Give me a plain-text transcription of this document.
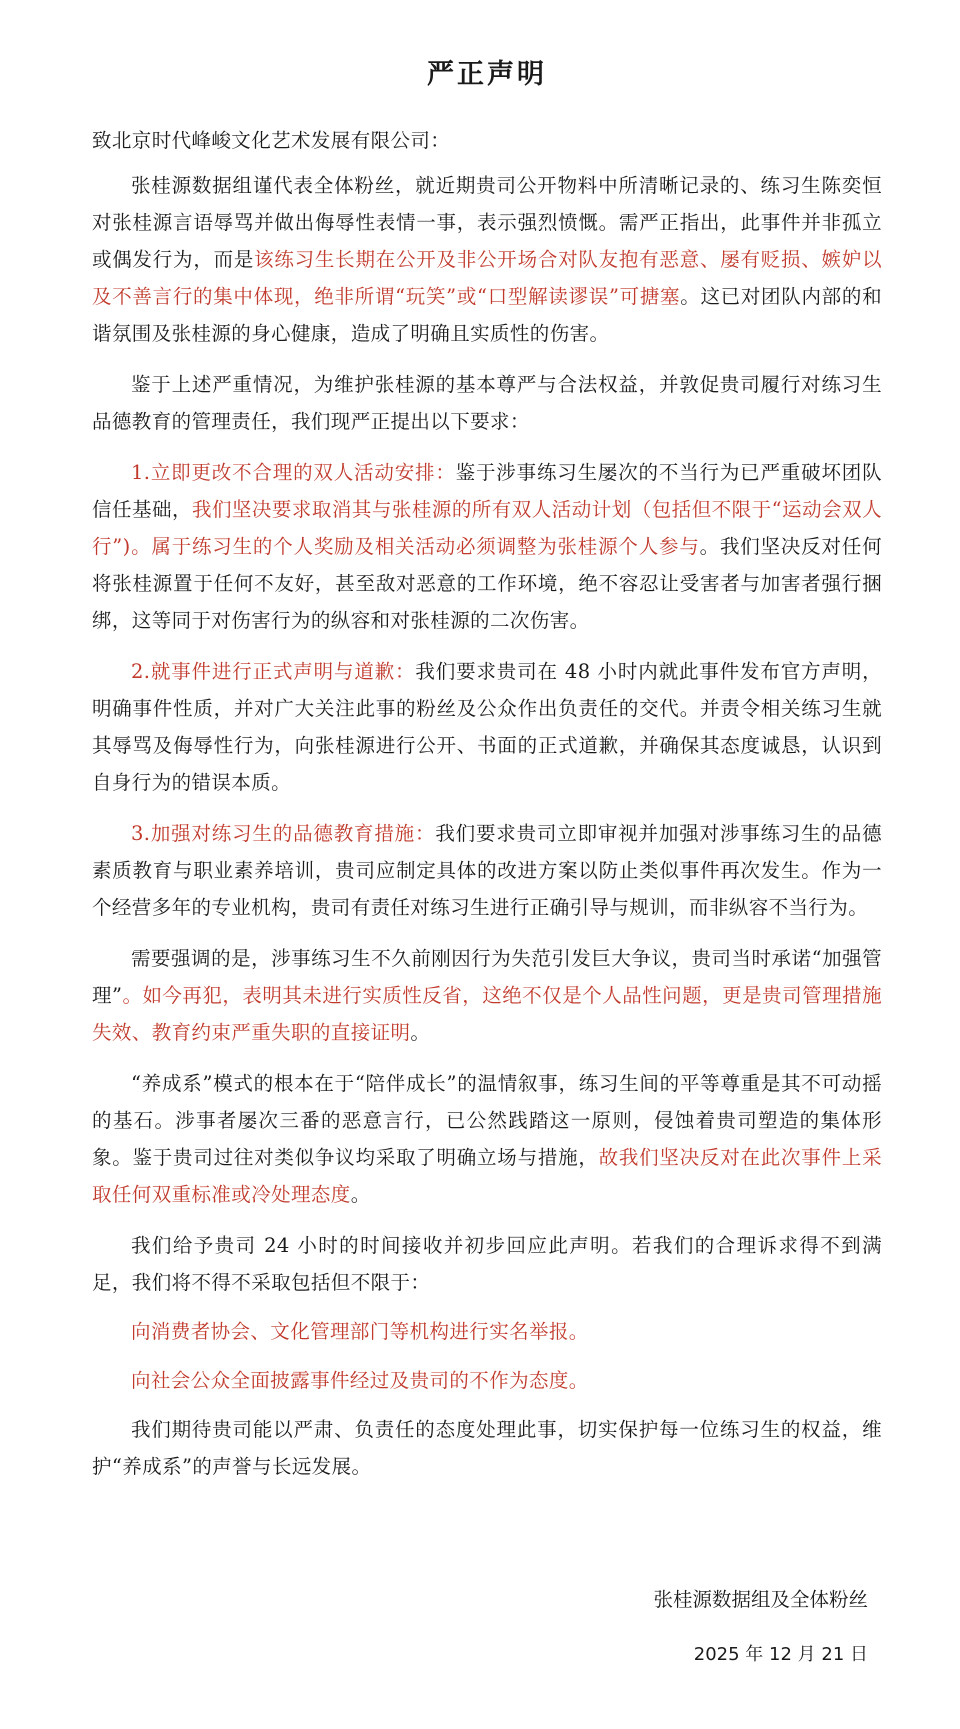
严正声明

致北京时代峰峻文化艺术发展有限公司：

张桂源数据组谨代表全体粉丝，就近期贵司公开物料中所清晰记录的、练习生陈奕恒对张桂源言语辱骂并做出侮辱性表情一事，表示强烈愤慨。需严正指出，此事件并非孤立或偶发行为，而是该练习生长期在公开及非公开场合对队友抱有恶意、屡有贬损、嫉妒以及不善言行的集中体现，绝非所谓“玩笑”或“口型解读谬误”可搪塞。这已对团队内部的和谐氛围及张桂源的身心健康，造成了明确且实质性的伤害。

鉴于上述严重情况，为维护张桂源的基本尊严与合法权益，并敦促贵司履行对练习生品德教育的管理责任，我们现严正提出以下要求：

1.立即更改不合理的双人活动安排：鉴于涉事练习生屡次的不当行为已严重破坏团队信任基础，我们坚决要求取消其与张桂源的所有双人活动计划（包括但不限于“运动会双人行”)。属于练习生的个人奖励及相关活动必须调整为张桂源个人参与。我们坚决反对任何将张桂源置于任何不友好，甚至敌对恶意的工作环境，绝不容忍让受害者与加害者强行捆绑，这等同于对伤害行为的纵容和对张桂源的二次伤害。

2.就事件进行正式声明与道歉：我们要求贵司在 48 小时内就此事件发布官方声明，明确事件性质，并对广大关注此事的粉丝及公众作出负责任的交代。并责令相关练习生就其辱骂及侮辱性行为，向张桂源进行公开、书面的正式道歉，并确保其态度诚恳，认识到自身行为的错误本质。

3.加强对练习生的品德教育措施：我们要求贵司立即审视并加强对涉事练习生的品德素质教育与职业素养培训，贵司应制定具体的改进方案以防止类似事件再次发生。作为一个经营多年的专业机构，贵司有责任对练习生进行正确引导与规训，而非纵容不当行为。

需要强调的是，涉事练习生不久前刚因行为失范引发巨大争议，贵司当时承诺“加强管理”。如今再犯，表明其未进行实质性反省，这绝不仅是个人品性问题，更是贵司管理措施失效、教育约束严重失职的直接证明。

“养成系”模式的根本在于“陪伴成长”的温情叙事，练习生间的平等尊重是其不可动摇的基石。涉事者屡次三番的恶意言行，已公然践踏这一原则，侵蚀着贵司塑造的集体形象。鉴于贵司过往对类似争议均采取了明确立场与措施，故我们坚决反对在此次事件上采取任何双重标准或冷处理态度。

我们给予贵司 24 小时的时间接收并初步回应此声明。若我们的合理诉求得不到满足，我们将不得不采取包括但不限于：

向消费者协会、文化管理部门等机构进行实名举报。

向社会公众全面披露事件经过及贵司的不作为态度。

我们期待贵司能以严肃、负责任的态度处理此事，切实保护每一位练习生的权益，维护“养成系”的声誉与长远发展。

张桂源数据组及全体粉丝
2025 年 12 月 21 日
